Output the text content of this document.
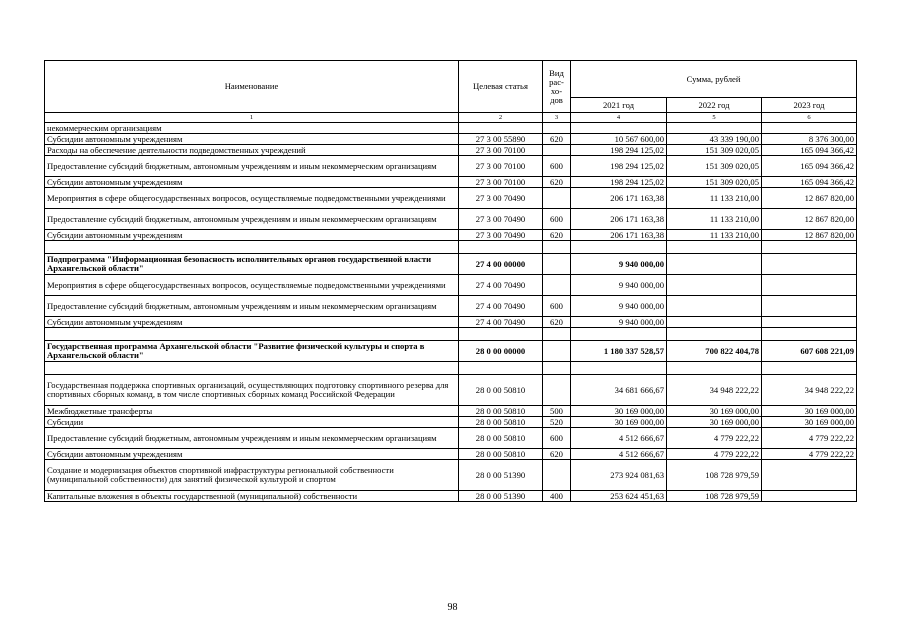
Наименование	Целевая статья	Вид рас- хо- дов	Сумма, рублей		
			2021 год	2022 год	2023 год
1	2	3	4	5	6
некоммерческим организациям					
Субсидии автономным учреждениям	27 3 00 55890	620	10 567 600,00	43 339 190,00	8 376 300,00
Расходы на обеспечение деятельности подведомственных учреждений	27 3 00 70100		198 294 125,02	151 309 020,05	165 094 366,42
Предоставление субсидий бюджетным, автономным учреждениям и иным некоммерческим организациям	27 3 00 70100	600	198 294 125,02	151 309 020,05	165 094 366,42
Субсидии автономным учреждениям	27 3 00 70100	620	198 294 125,02	151 309 020,05	165 094 366,42
Мероприятия в сфере общегосударственных вопросов, осуществляемые подведомственными учреждениями	27 3 00 70490		206 171 163,38	11 133 210,00	12 867 820,00
Предоставление субсидий бюджетным, автономным учреждениям и иным некоммерческим организациям	27 3 00 70490	600	206 171 163,38	11 133 210,00	12 867 820,00
Субсидии автономным учреждениям	27 3 00 70490	620	206 171 163,38	11 133 210,00	12 867 820,00

Подпрограмма "Информационная безопасность исполнительных органов государственной власти Архангельской области"	27 4 00 00000		9 940 000,00		
Мероприятия в сфере общегосударственных вопросов, осуществляемые подведомственными учреждениями	27 4 00 70490		9 940 000,00		
Предоставление субсидий бюджетным, автономным учреждениям и иным некоммерческим организациям	27 4 00 70490	600	9 940 000,00		
Субсидии автономным учреждениям	27 4 00 70490	620	9 940 000,00		

Государственная программа Архангельской области "Развитие физической культуры и спорта в Архангельской области"	28 0 00 00000		1 180 337 528,57	700 822 404,78	607 608 221,09

Государственная поддержка спортивных организаций, осуществляющих подготовку спортивного резерва для спортивных сборных команд, в том числе спортивных сборных команд Российской Федерации	28 0 00 50810		34 681 666,67	34 948 222,22	34 948 222,22
Межбюджетные трансферты	28 0 00 50810	500	30 169 000,00	30 169 000,00	30 169 000,00
Субсидии	28 0 00 50810	520	30 169 000,00	30 169 000,00	30 169 000,00
Предоставление субсидий бюджетным, автономным учреждениям и иным некоммерческим организациям	28 0 00 50810	600	4 512 666,67	4 779 222,22	4 779 222,22
Субсидии автономным учреждениям	28 0 00 50810	620	4 512 666,67	4 779 222,22	4 779 222,22
Создание и модернизация объектов спортивной инфраструктуры региональной собственности (муниципальной собственности) для занятий физической культурой и спортом	28 0 00 51390		273 924 081,63	108 728 979,59	
Капитальные вложения в объекты государственной (муниципальной) собственности	28 0 00 51390	400	253 624 451,63	108 728 979,59	
98
